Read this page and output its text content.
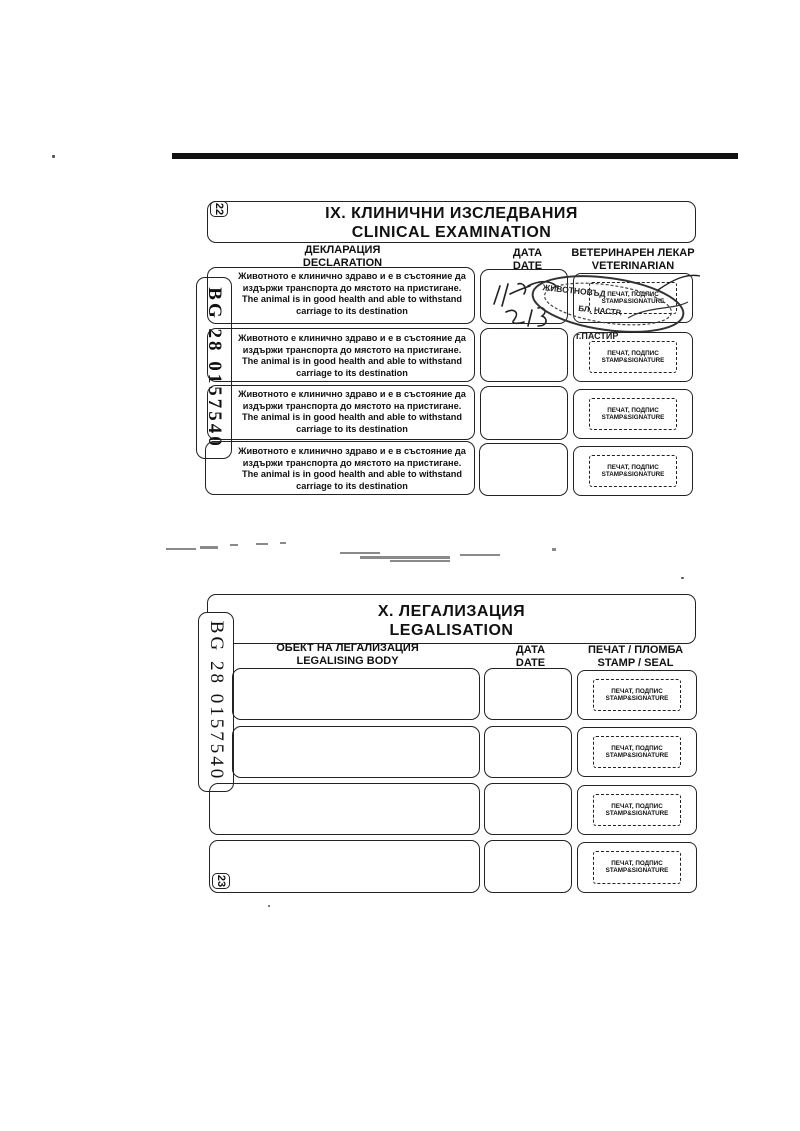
22	IX. КЛИНИЧНИ ИЗСЛЕДВАНИЯ
CLINICAL EXAMINATION
ДЕКЛАРАЦИЯ
DECLARATION
ДАТА
DATE
ВЕТЕРИНАРЕН ЛЕКАР
VETERINARIAN
BG 28 0157540
Животното е клинично здраво и е в състояние да
издържи транспорта до мястото на пристигане.
The animal is in good health and able to withstand
carriage to its destination
ПЕЧАТ, ПОДПИС
STAMP&SIGNATURE
ЖИВОТНОВЪД
БЛ. НАСТР.
г.ПАСТИР
Животното е клинично здраво и е в състояние да
издържи транспорта до мястото на пристигане.
The animal is in good health and able to withstand
carriage to its destination
ПЕЧАТ, ПОДПИС
STAMP&SIGNATURE
Животното е клинично здраво и е в състояние да
издържи транспорта до мястото на пристигане.
The animal is in good health and able to withstand
carriage to its destination
ПЕЧАТ, ПОДПИС
STAMP&SIGNATURE
Животното е клинично здраво и е в състояние да
издържи транспорта до мястото на пристигане.
The animal is in good health and able to withstand
carriage to its destination
ПЕЧАТ, ПОДПИС
STAMP&SIGNATURE
X. ЛЕГАЛИЗАЦИЯ
LEGALISATION
ОБЕКТ НА ЛЕГАЛИЗАЦИЯ
LEGALISING BODY
ДАТА
DATE
ПЕЧАТ / ПЛОМБА
STAMP / SEAL
BG 28 0157540	ПЕЧАТ, ПОДПИС
STAMP&SIGNATURE
ПЕЧАТ, ПОДПИС
STAMP&SIGNATURE
ПЕЧАТ, ПОДПИС
STAMP&SIGNATURE
23
ПЕЧАТ, ПОДПИС
STAMP&SIGNATURE
